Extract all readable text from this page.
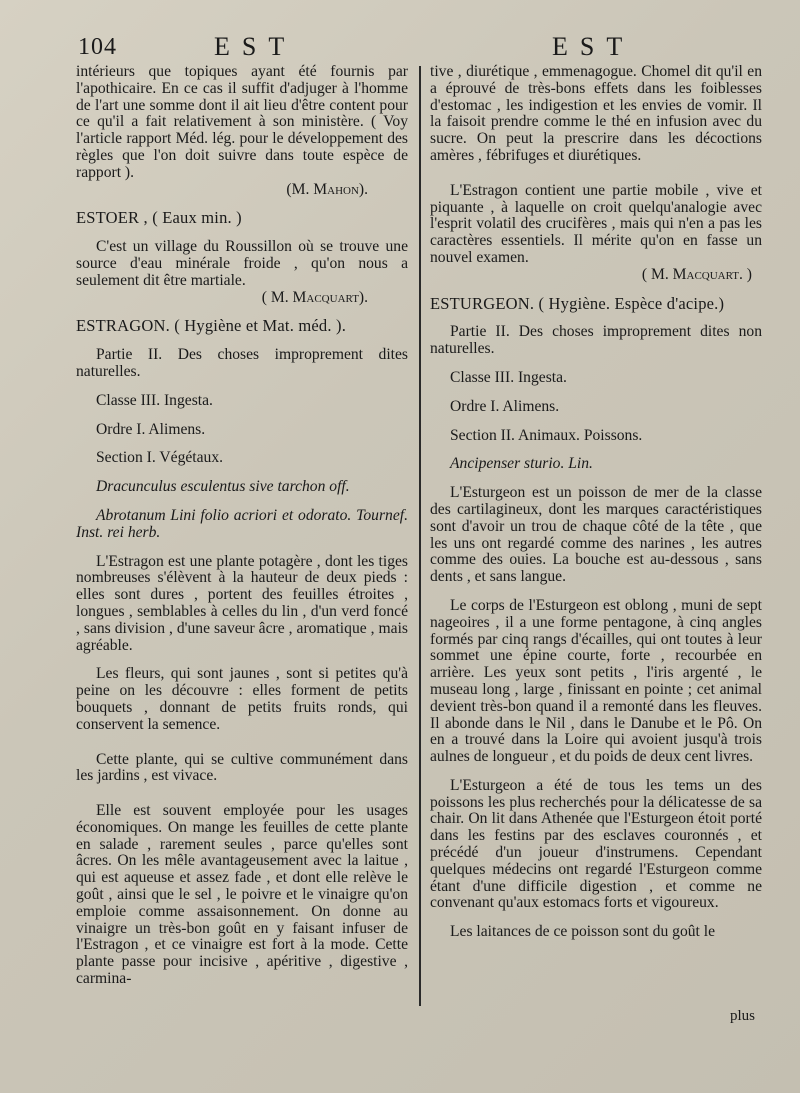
104	EST	EST

intérieurs que topiques ayant été fournis par l'apothicaire. En ce cas il suffit d'adjuger à l'homme de l'art une somme dont il ait lieu d'être content pour ce qu'il a fait relativement à son ministère. ( Voy l'article rapport Méd. lég. pour le développement des règles que l'on doit suivre dans toute espèce de rapport ).

(M. Mahon).

ESTOER , ( Eaux min. )

C'est un village du Roussillon où se trouve une source d'eau minérale froide , qu'on nous a seulement dit être martiale.

( M. Macquart).

ESTRAGON. ( Hygiène et Mat. méd. ).

Partie II. Des choses improprement dites naturelles.

Classe III. Ingesta.

Ordre I. Alimens.

Section I. Végétaux.

Dracunculus esculentus sive tarchon off.

Abrotanum Lini folio acriori et odorato. Tournef. Inst. rei herb.

L'Estragon est une plante potagère , dont les tiges nombreuses s'élèvent à la hauteur de deux pieds : elles sont dures , portent des feuilles étroites , longues , semblables à celles du lin , d'un verd foncé , sans division , d'une saveur âcre , aromatique , mais agréable.

Les fleurs, qui sont jaunes , sont si petites qu'à peine on les découvre : elles forment de petits bouquets , donnant de petits fruits ronds, qui conservent la semence.

Cette plante, qui se cultive communément dans les jardins , est vivace.

Elle est souvent employée pour les usages économiques. On mange les feuilles de cette plante en salade , rarement seules , parce qu'elles sont âcres. On les mêle avantageusement avec la laitue , qui est aqueuse et assez fade , et dont elle relève le goût , ainsi que le sel , le poivre et le vinaigre qu'on emploie comme assaisonnement. On donne au vinaigre un très-bon goût en y faisant infuser de l'Estragon , et ce vinaigre est fort à la mode. Cette plante passe pour incisive , apéritive , digestive , carmina-

tive , diurétique , emmenagogue. Chomel dit qu'il en a éprouvé de très-bons effets dans les foiblesses d'estomac , les indigestion et les envies de vomir. Il la faisoit prendre comme le thé en infusion avec du sucre. On peut la prescrire dans les décoctions amères , fébrifuges et diurétiques.

L'Estragon contient une partie mobile , vive et piquante , à laquelle on croit quelqu'analogie avec l'esprit volatil des crucifères , mais qui n'en a pas les caractères essentiels. Il mérite qu'on en fasse un nouvel examen.

( M. Macquart. )

ESTURGEON. ( Hygiène. Espèce d'acipe.)

Partie II. Des choses improprement dites non naturelles.

Classe III. Ingesta.

Ordre I. Alimens.

Section II. Animaux. Poissons.

Ancipenser sturio. Lin.

L'Esturgeon est un poisson de mer de la classe des cartilagineux, dont les marques caractéristiques sont d'avoir un trou de chaque côté de la tête , que les uns ont regardé comme des narines , les autres comme des ouies. La bouche est au-dessous , sans dents , et sans langue.

Le corps de l'Esturgeon est oblong , muni de sept nageoires , il a une forme pentagone, à cinq angles formés par cinq rangs d'écailles, qui ont toutes à leur sommet une épine courte, forte , recourbée en arrière. Les yeux sont petits , l'iris argenté , le museau long , large , finissant en pointe ; cet animal devient très-bon quand il a remonté dans les fleuves. Il abonde dans le Nil , dans le Danube et le Pô. On en a trouvé dans la Loire qui avoient jusqu'à trois aulnes de longueur , et du poids de deux cent livres.

L'Esturgeon a été de tous les tems un des poissons les plus recherchés pour la délicatesse de sa chair. On lit dans Athenée que l'Esturgeon étoit porté dans les festins par des esclaves couronnés , et précédé d'un joueur d'instrumens. Cependant quelques médecins ont regardé l'Esturgeon comme étant d'une difficile digestion , et comme ne convenant qu'aux estomacs forts et vigoureux.

Les laitances de ce poisson sont du goût le

plus
